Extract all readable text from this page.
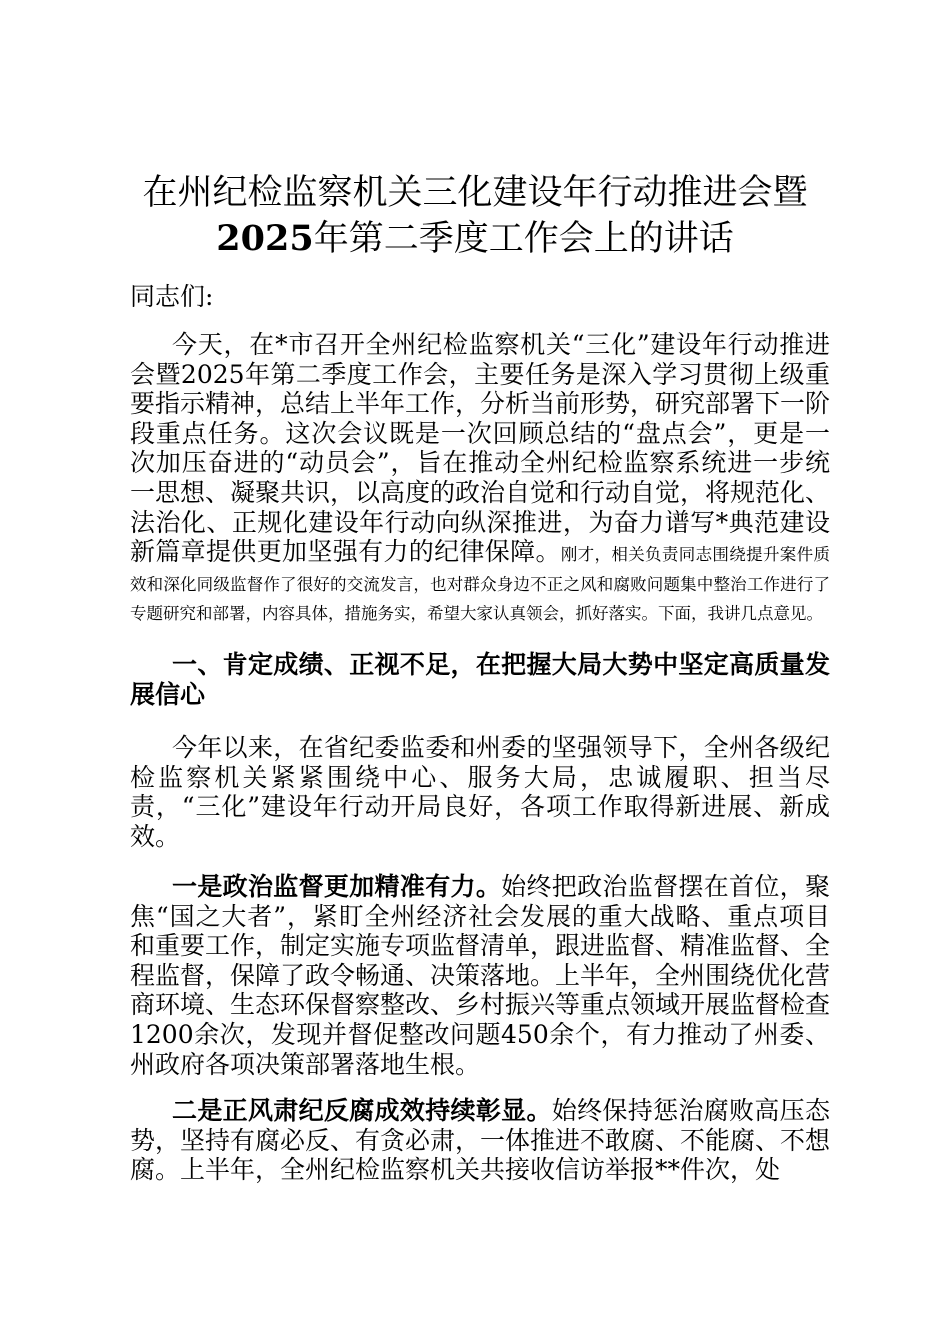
在州纪检监察机关三化建设年行动推进会暨
2025年第二季度工作会上的讲话
同志们:

今天，在*市召开全州纪检监察机关“三化”建设年行动推进会暨2025年第二季度工作会，主要任务是深入学习贯彻上级重要指示精神，总结上半年工作，分析当前形势，研究部署下一阶段重点任务。这次会议既是一次回顾总结的“盘点会”，更是一次加压奋进的“动员会”，旨在推动全州纪检监察系统进一步统一思想、凝聚共识，以高度的政治自觉和行动自觉，将规范化、法治化、正规化建设年行动向纵深推进，为奋力谱写*典范建设新篇章提供更加坚强有力的纪律保障。刚才，相关负责同志围绕提升案件质效和深化同级监督作了很好的交流发言，也对群众身边不正之风和腐败问题集中整治工作进行了专题研究和部署，内容具体，措施务实，希望大家认真领会，抓好落实。下面，我讲几点意见。

一、肯定成绩、正视不足，在把握大局大势中坚定高质量发展信心

今年以来，在省纪委监委和州委的坚强领导下，全州各级纪检监察机关紧紧围绕中心、服务大局，忠诚履职、担当尽责，“三化”建设年行动开局良好，各项工作取得新进展、新成效。

一是政治监督更加精准有力。始终把政治监督摆在首位，聚焦“国之大者”，紧盯全州经济社会发展的重大战略、重点项目和重要工作，制定实施专项监督清单，跟进监督、精准监督、全程监督，保障了政令畅通、决策落地。上半年，全州围绕优化营商环境、生态环保督察整改、乡村振兴等重点领域开展监督检查1200余次，发现并督促整改问题450余个，有力推动了州委、州政府各项决策部署落地生根。

二是正风肃纪反腐成效持续彰显。始终保持惩治腐败高压态势，坚持有腐必反、有贪必肃，一体推进不敢腐、不能腐、不想腐。上半年，全州纪检监察机关共接收信访举报**件次，处
